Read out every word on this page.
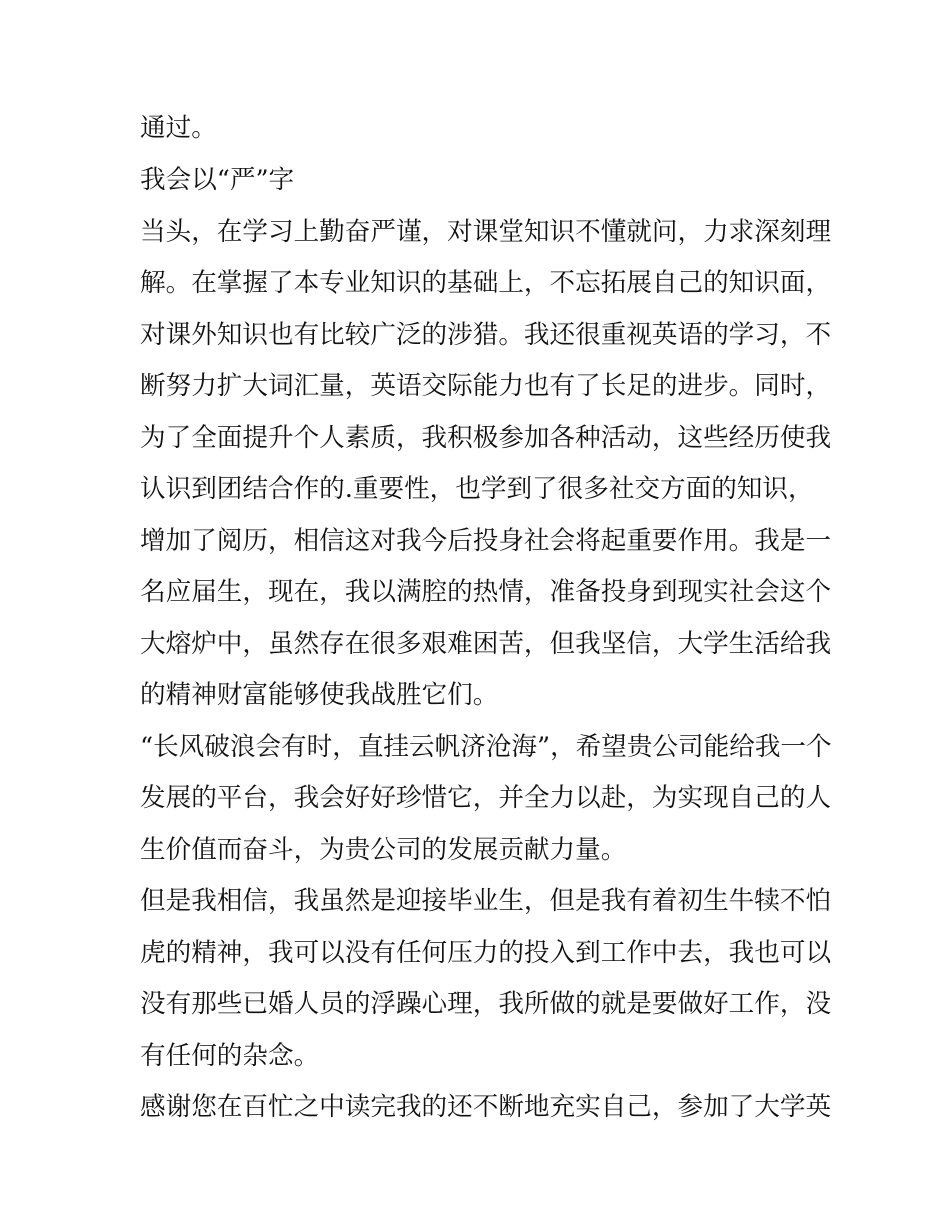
通过。
我会以“严”字
当头，在学习上勤奋严谨，对课堂知识不懂就问，力求深刻理
解。在掌握了本专业知识的基础上，不忘拓展自己的知识面，
对课外知识也有比较广泛的涉猎。我还很重视英语的学习，不
断努力扩大词汇量，英语交际能力也有了长足的进步。同时，
为了全面提升个人素质，我积极参加各种活动，这些经历使我
认识到团结合作的.重要性，也学到了很多社交方面的知识，
增加了阅历，相信这对我今后投身社会将起重要作用。我是一
名应届生，现在，我以满腔的热情，准备投身到现实社会这个
大熔炉中，虽然存在很多艰难困苦，但我坚信，大学生活给我
的精神财富能够使我战胜它们。
“长风破浪会有时，直挂云帆济沧海”，希望贵公司能给我一个
发展的平台，我会好好珍惜它，并全力以赴，为实现自己的人
生价值而奋斗，为贵公司的发展贡献力量。
但是我相信，我虽然是迎接毕业生，但是我有着初生牛犊不怕
虎的精神，我可以没有任何压力的投入到工作中去，我也可以
没有那些已婚人员的浮躁心理，我所做的就是要做好工作，没
有任何的杂念。
感谢您在百忙之中读完我的还不断地充实自己，参加了大学英
